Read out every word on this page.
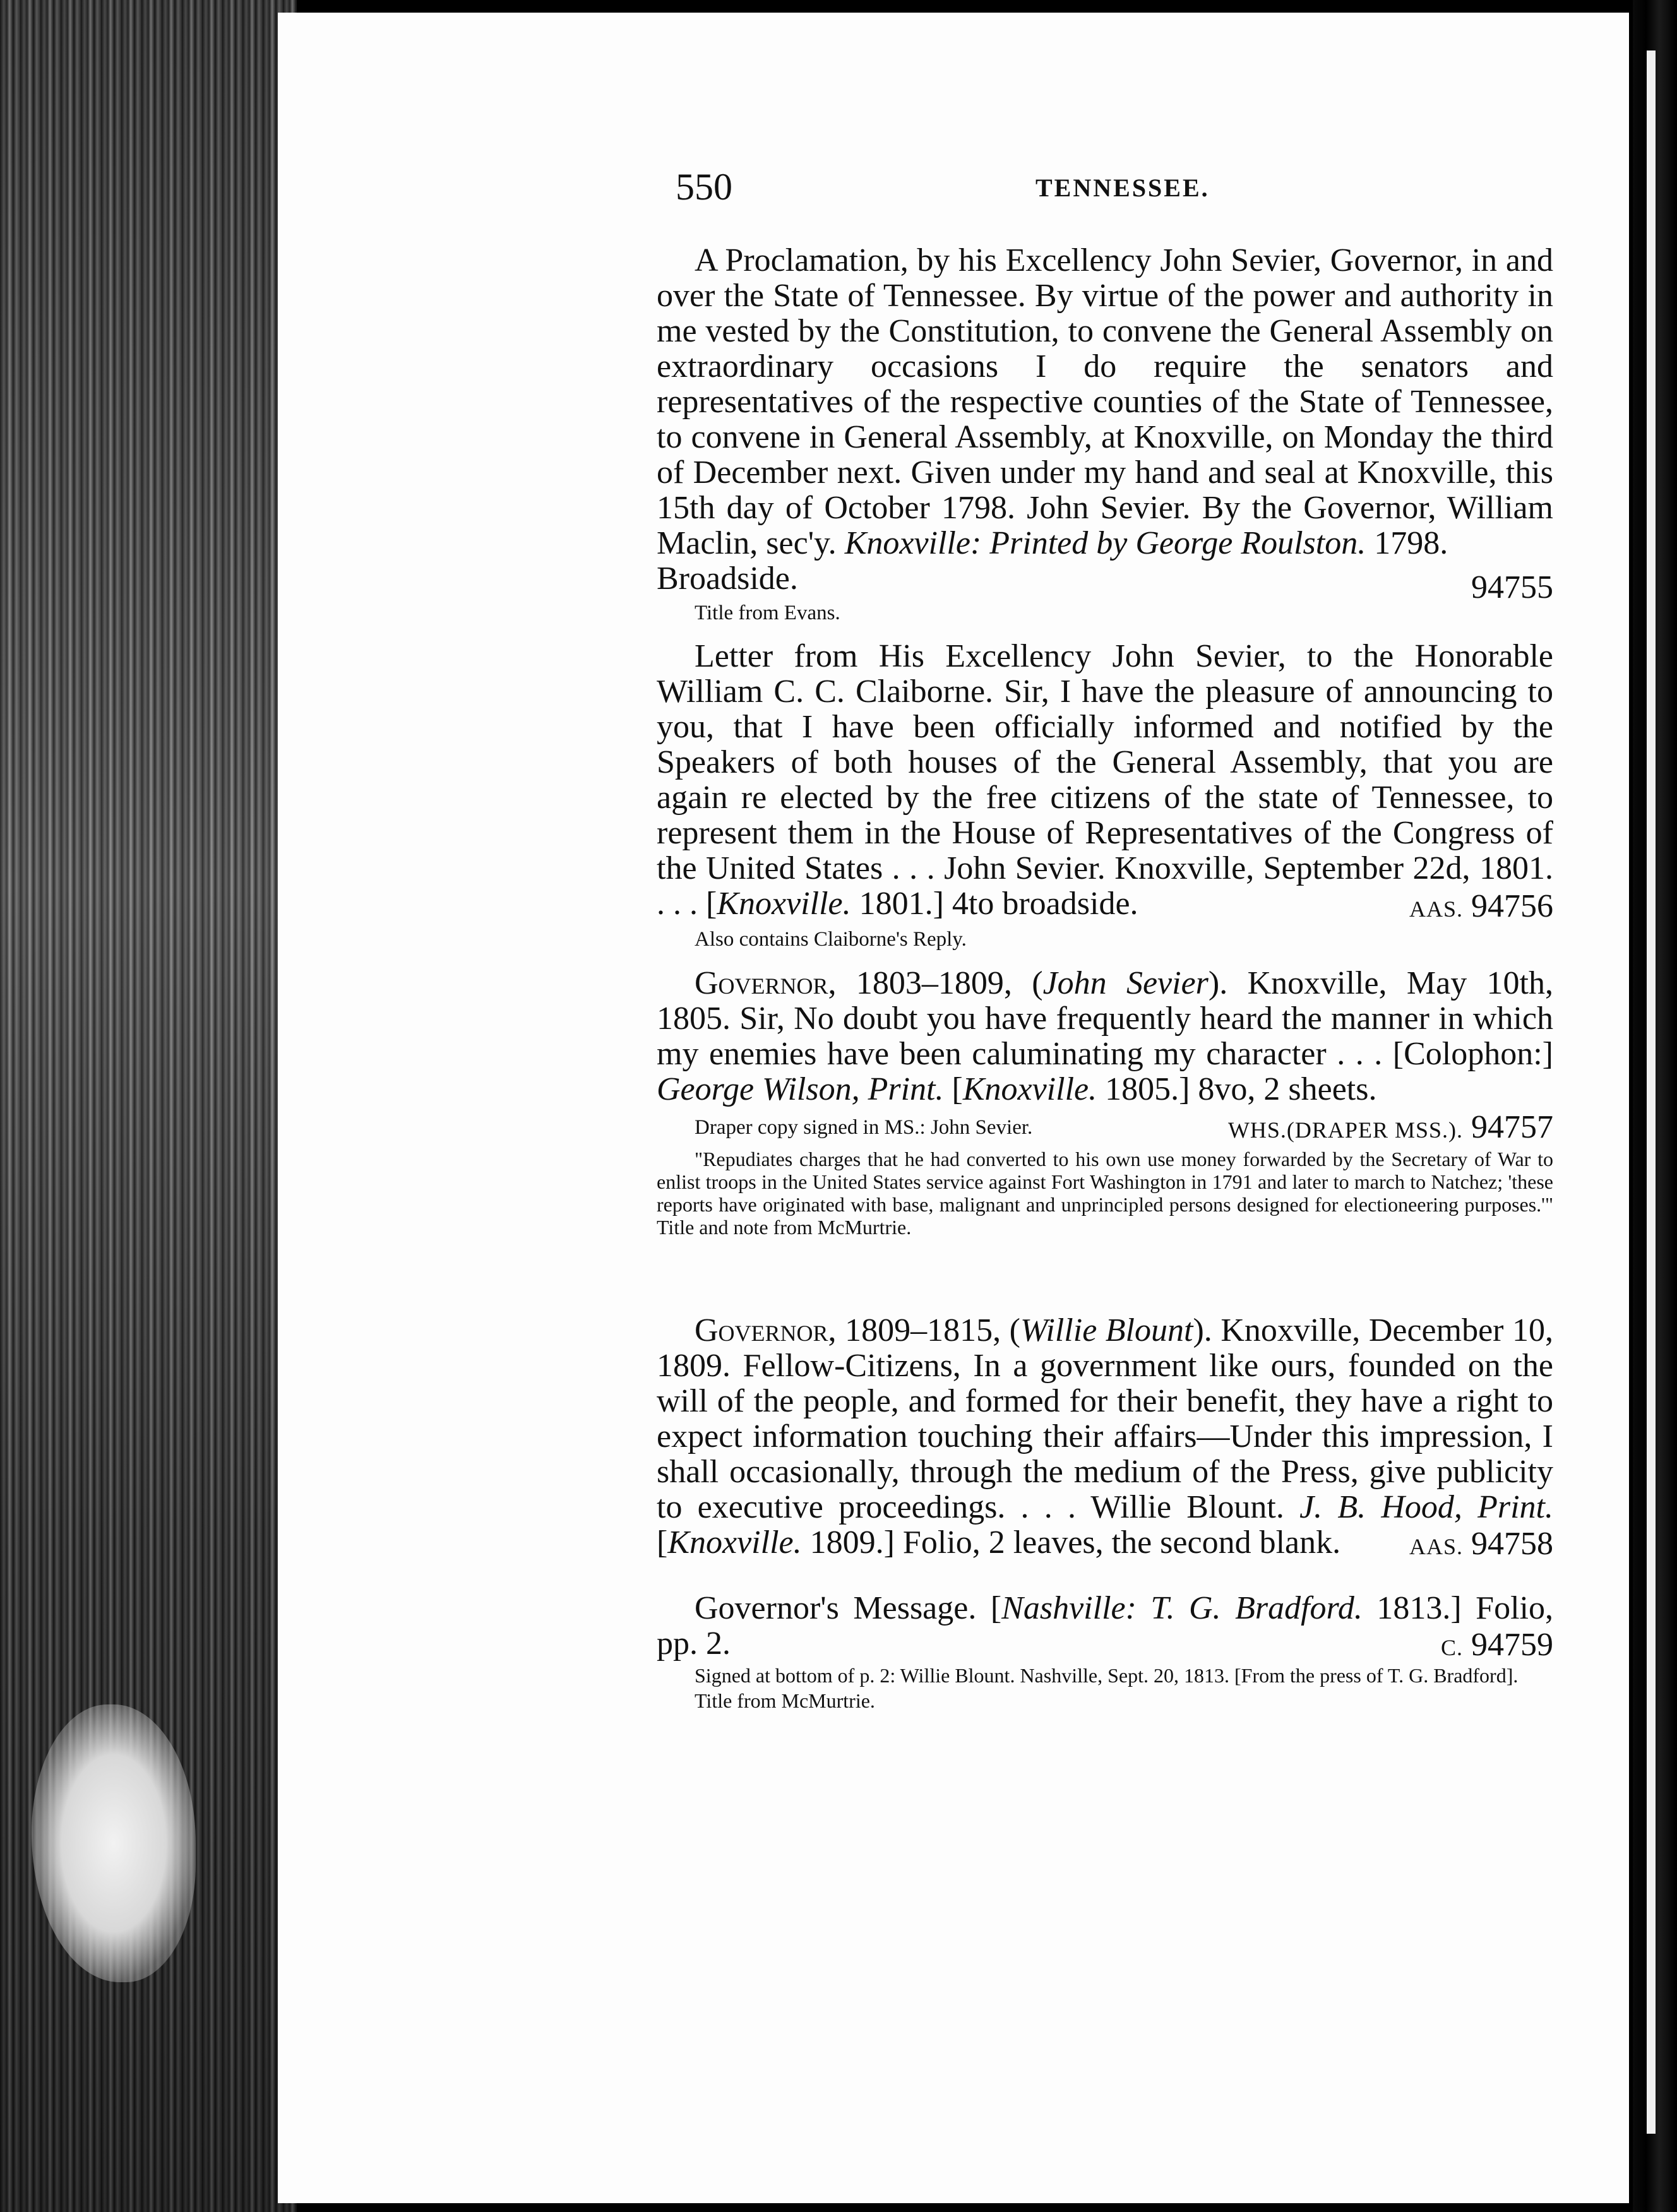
550	TENNESSEE.

A Proclamation, by his Excellency John Sevier, Governor, in and over the State of Tennessee. By virtue of the power and authority in me vested by the Constitution, to convene the General Assembly on extraordinary occasions I do require the senators and representatives of the respective counties of the State of Tennessee, to convene in General Assembly, at Knoxville, on Monday the third of December next. Given under my hand and seal at Knoxville, this 15th day of October 1798. John Sevier. By the Governor, William Maclin, sec'y. Knoxville: Printed by George Roulston. 1798.

Broadside.	94755
Title from Evans.

Letter from His Excellency John Sevier, to the Honorable William C. C. Claiborne. Sir, I have the pleasure of announcing to you, that I have been officially informed and notified by the Speakers of both houses of the General Assembly, that you are again re elected by the free citizens of the state of Tennessee, to represent them in the House of Representatives of the Congress of the United States . . . John Sevier. Knoxville, September 22d, 1801. . . . [Knoxville. 1801.] 4to broadside.	AAS. 94756
Also contains Claiborne's Reply.

Governor, 1803–1809, (John Sevier). Knoxville, May 10th, 1805. Sir, No doubt you have frequently heard the manner in which my enemies have been caluminating my character . . . [Colophon:] George Wilson, Print. [Knoxville. 1805.] 8vo, 2 sheets.

Draper copy signed in MS.: John Sevier.	WHS.(DRAPER MSS.). 94757

"Repudiates charges that he had converted to his own use money forwarded by the Secretary of War to enlist troops in the United States service against Fort Washington in 1791 and later to march to Natchez; 'these reports have originated with base, malignant and unprincipled persons designed for electioneering purposes.'" Title and note from McMurtrie.

Governor, 1809–1815, (Willie Blount). Knoxville, December 10, 1809. Fellow-Citizens, In a government like ours, founded on the will of the people, and formed for their benefit, they have a right to expect information touching their affairs—Under this impression, I shall occasionally, through the medium of the Press, give publicity to executive proceedings. . . . Willie Blount. J. B. Hood, Print. [Knoxville. 1809.] Folio, 2 leaves, the second blank.	AAS. 94758

Governor's Message. [Nashville: T. G. Bradford. 1813.] Folio, pp. 2.	C. 94759

Signed at bottom of p. 2: Willie Blount. Nashville, Sept. 20, 1813. [From the press of T. G. Bradford].

Title from McMurtrie.
